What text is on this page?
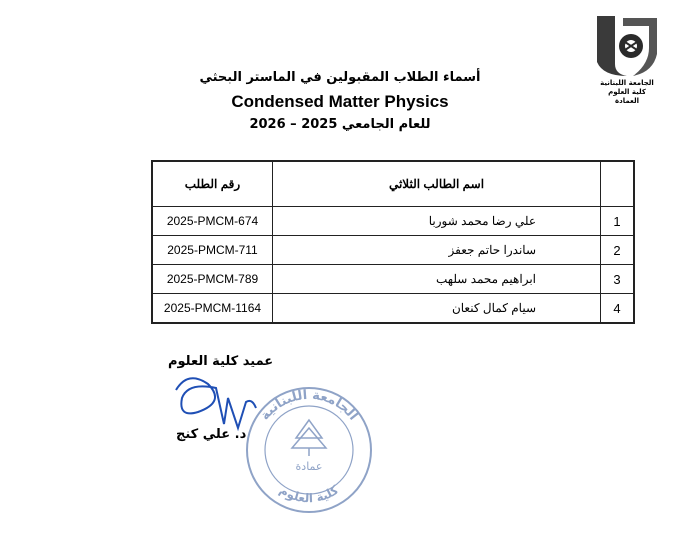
الجامعة اللبنانية
كلية العلوم
العمادة
أسماء الطلاب المقبولين في الماستر البحثي
Condensed Matter Physics
2026 – 2025 للعام الجامعي
رقم الطلب	اسم الطالب الثلاثي	
2025-PMCM-674	علي رضا محمد شوربا	1
2025-PMCM-711	ساندرا حاتم جعفز	2
2025-PMCM-789	ابراهيم محمد سلهب	3
2025-PMCM-1164	سيام كمال كنعان	4
الجامعة اللبنانية
كلية العلوم
عمادة
عميد كلية العلوم
د. علي كنج
